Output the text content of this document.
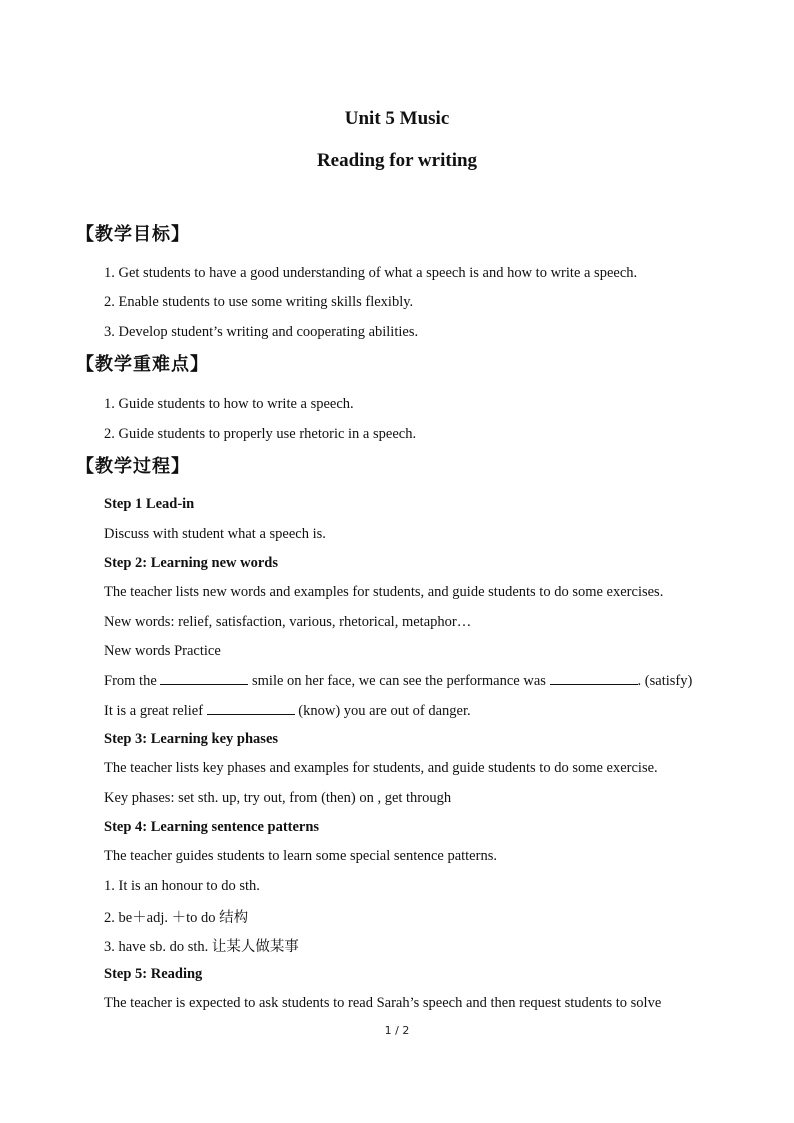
Unit 5 Music
Reading for writing
【教学目标】
1. Get students to have a good understanding of what a speech is and how to write a speech.
2. Enable students to use some writing skills flexibly.
3. Develop student’s writing and cooperating abilities.
【教学重难点】
1. Guide students to how to write a speech.
2. Guide students to properly use rhetoric in a speech.
【教学过程】
Step 1 Lead-in
Discuss with student what a speech is.
Step 2: Learning new words
The teacher lists new words and examples for students, and guide students to do some exercises.
New words: relief, satisfaction, various, rhetorical, metaphor…
New words Practice
From the	smile on her face, we can see the performance was	. (satisfy)
It is a great relief	(know) you are out of danger.
Step 3: Learning key phases
The teacher lists key phases and examples for students, and guide students to do some exercise.
Key phases: set sth. up, try out, from (then) on , get through
Step 4: Learning sentence patterns
The teacher guides students to learn some special sentence patterns.
1. It is an honour to do sth.
2. be＋adj. ＋to do 结构
3. have sb. do sth. 让某人做某事
Step 5: Reading
The teacher is expected to ask students to read Sarah’s speech and then request students to solve
1 / 2
